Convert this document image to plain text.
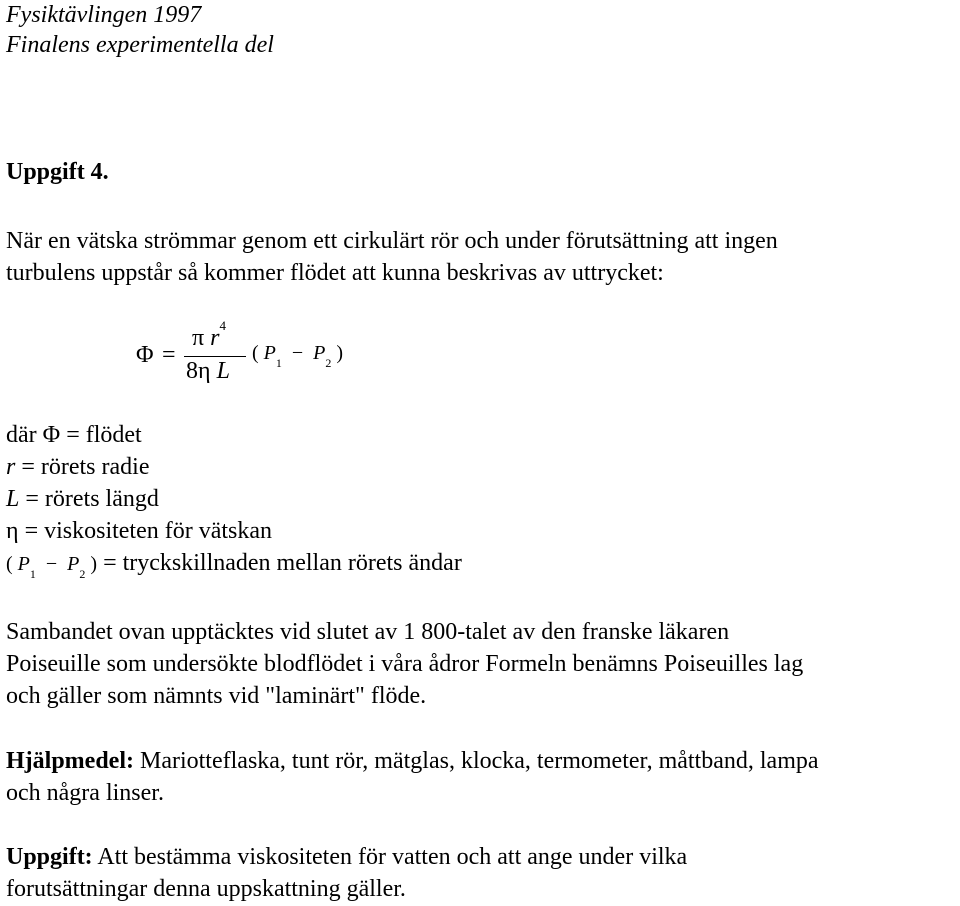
Fysiktävlingen 1997
Finalens experimentella del
Uppgift 4.
När en vätska strömmar genom ett cirkulärt rör och under förutsättning att ingen
turbulens uppstår så kommer flödet att kunna beskrivas av uttrycket:
Φ =
π $r^4$
8η L
( $P_1 - P_2$ )
där Φ = flödet
r = rörets radie
L = rörets längd
η = viskositeten för vätskan
( $P_1 - P_2$ ) = tryckskillnaden mellan rörets ändar
Sambandet ovan upptäcktes vid slutet av 1 800-talet av den franske läkaren
Poiseuille som undersökte blodflödet i våra ådror Formeln benämns Poiseuilles lag
och gäller som nämnts vid "laminärt" flöde.
Hjälpmedel: Mariotteflaska, tunt rör, mätglas, klocka, termometer, måttband, lampa
och några linser.
Uppgift: Att bestämma viskositeten för vatten och att ange under vilka
forutsättningar denna uppskattning gäller.
